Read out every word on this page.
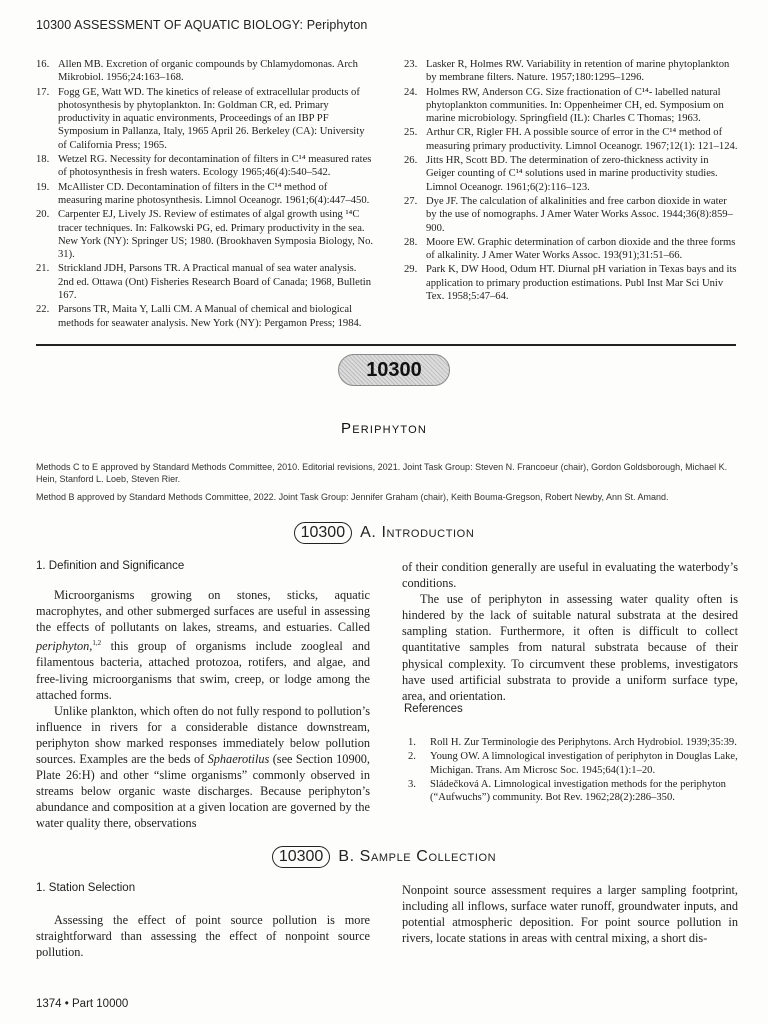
10300 ASSESSMENT OF AQUATIC BIOLOGY: Periphyton
16. Allen MB. Excretion of organic compounds by Chlamydomonas. Arch Mikrobiol. 1956;24:163–168.
17. Fogg GE, Watt WD. The kinetics of release of extracellular products of photosynthesis by phytoplankton. In: Goldman CR, ed. Primary productivity in aquatic environments, Proceedings of an IBP PF Symposium in Pallanza, Italy, 1965 April 26. Berkeley (CA): University of California Press; 1965.
18. Wetzel RG. Necessity for decontamination of filters in C¹⁴ measured rates of photosynthesis in fresh waters. Ecology 1965;46(4):540–542.
19. McAllister CD. Decontamination of filters in the C¹⁴ method of measuring marine photosynthesis. Limnol Oceanogr. 1961;6(4):447–450.
20. Carpenter EJ, Lively JS. Review of estimates of algal growth using ¹⁴C tracer techniques. In: Falkowski PG, ed. Primary productivity in the sea. New York (NY): Springer US; 1980. (Brookhaven Symposia Biology, No. 31).
21. Strickland JDH, Parsons TR. A Practical manual of sea water analysis. 2nd ed. Ottawa (Ont) Fisheries Research Board of Canada; 1968, Bulletin 167.
22. Parsons TR, Maita Y, Lalli CM. A Manual of chemical and biological methods for seawater analysis. New York (NY): Pergamon Press; 1984.
23. Lasker R, Holmes RW. Variability in retention of marine phytoplankton by membrane filters. Nature. 1957;180:1295–1296.
24. Holmes RW, Anderson CG. Size fractionation of C¹⁴- labelled natural phytoplankton communities. In: Oppenheimer CH, ed. Symposium on marine microbiology. Springfield (IL): Charles C Thomas; 1963.
25. Arthur CR, Rigler FH. A possible source of error in the C¹⁴ method of measuring primary productivity. Limnol Oceanogr. 1967;12(1): 121–124.
26. Jitts HR, Scott BD. The determination of zero-thickness activity in Geiger counting of C¹⁴ solutions used in marine productivity studies. Limnol Oceanogr. 1961;6(2):116–123.
27. Dye JF. The calculation of alkalinities and free carbon dioxide in water by the use of nomographs. J Amer Water Works Assoc. 1944;36(8):859–900.
28. Moore EW. Graphic determination of carbon dioxide and the three forms of alkalinity. J Amer Water Works Assoc. 193(91);31:51–66.
29. Park K, DW Hood, Odum HT. Diurnal pH variation in Texas bays and its application to primary production estimations. Publ Inst Mar Sci Univ Tex. 1958;5:47–64.
10300
Periphyton
Methods C to E approved by Standard Methods Committee, 2010. Editorial revisions, 2021. Joint Task Group: Steven N. Francoeur (chair), Gordon Goldsborough, Michael K. Hein, Stanford L. Loeb, Steven Rier.
Method B approved by Standard Methods Committee, 2022. Joint Task Group: Jennifer Graham (chair), Keith Bouma-Gregson, Robert Newby, Ann St. Amand.
10300 A. Introduction
1. Definition and Significance

Microorganisms growing on stones, sticks, aquatic macrophytes, and other submerged surfaces are useful in assessing the effects of pollutants on lakes, streams, and estuaries. Called periphyton,$^{1,2}$ this group of organisms include zoogleal and filamentous bacteria, attached protozoa, rotifers, and algae, and free-living microorganisms that swim, creep, or lodge among the attached forms.

Unlike plankton, which often do not fully respond to pollution’s influence in rivers for a considerable distance downstream, periphyton show marked responses immediately below pollution sources. Examples are the beds of Sphaerotilus (see Section 10900, Plate 26:H) and other “slime organisms” commonly observed in streams below organic waste discharges. Because periphyton’s abundance and composition at a given location are governed by the water quality there, observations

of their condition generally are useful in evaluating the waterbody’s conditions.

The use of periphyton in assessing water quality often is hindered by the lack of suitable natural substrata at the desired sampling station. Furthermore, it often is difficult to collect quantitative samples from natural substrata because of their physical complexity. To circumvent these problems, investigators have used artificial substrata to provide a uniform surface type, area, and orientation.

References
1. Roll H. Zur Terminologie des Periphytons. Arch Hydrobiol. 1939;35:39.
2. Young OW. A limnological investigation of periphyton in Douglas Lake, Michigan. Trans. Am Microsc Soc. 1945;64(1):1–20.
3. Sládečková A. Limnological investigation methods for the periphyton (“Aufwuchs”) community. Bot Rev. 1962;28(2):286–350.
10300 B. Sample Collection
1. Station Selection

Assessing the effect of point source pollution is more straightforward than assessing the effect of nonpoint source pollution.

Nonpoint source assessment requires a larger sampling footprint, including all inflows, surface water runoff, groundwater inputs, and potential atmospheric deposition. For point source pollution in rivers, locate stations in areas with central mixing, a short dis-

1374 • Part 10000
